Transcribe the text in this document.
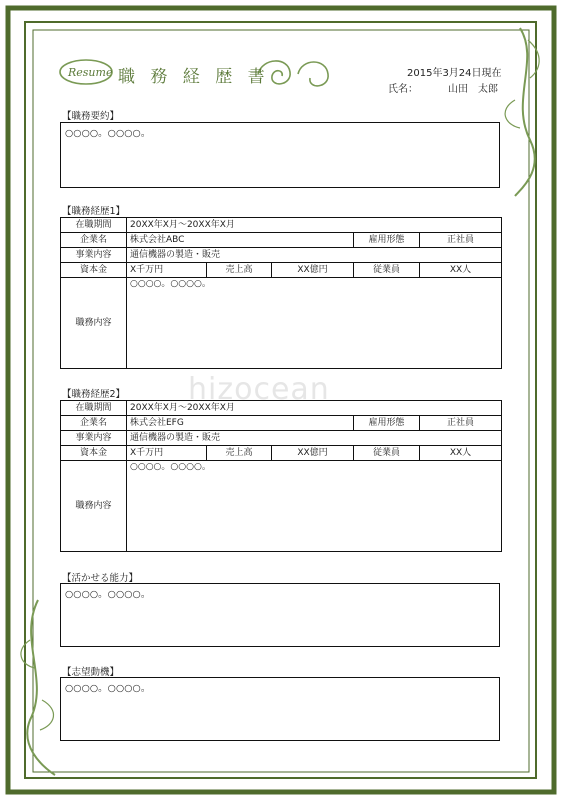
Resume 職 務 経 歴 書	2015年3月24日現在
氏名：	山田　太郎
【職務要約】
○○○○。○○○○。
【職務経歴1】
在職期間	20XX年X月～20XX年X月				
企業名	株式会社ABC			雇用形態	正社員
事業内容	通信機器の製造・販売				
資本金	X千万円	売上高	XX億円	従業員	XX人
職務内容	○○○○。○○○○。				
【職務経歴2】
在職期間	20XX年X月～20XX年X月				
企業名	株式会社EFG			雇用形態	正社員
事業内容	通信機器の製造・販売				
資本金	X千万円	売上高	XX億円	従業員	XX人
職務内容	○○○○。○○○○。				
【活かせる能力】
○○○○。○○○○。
【志望動機】
○○○○。○○○○。
hizocean
